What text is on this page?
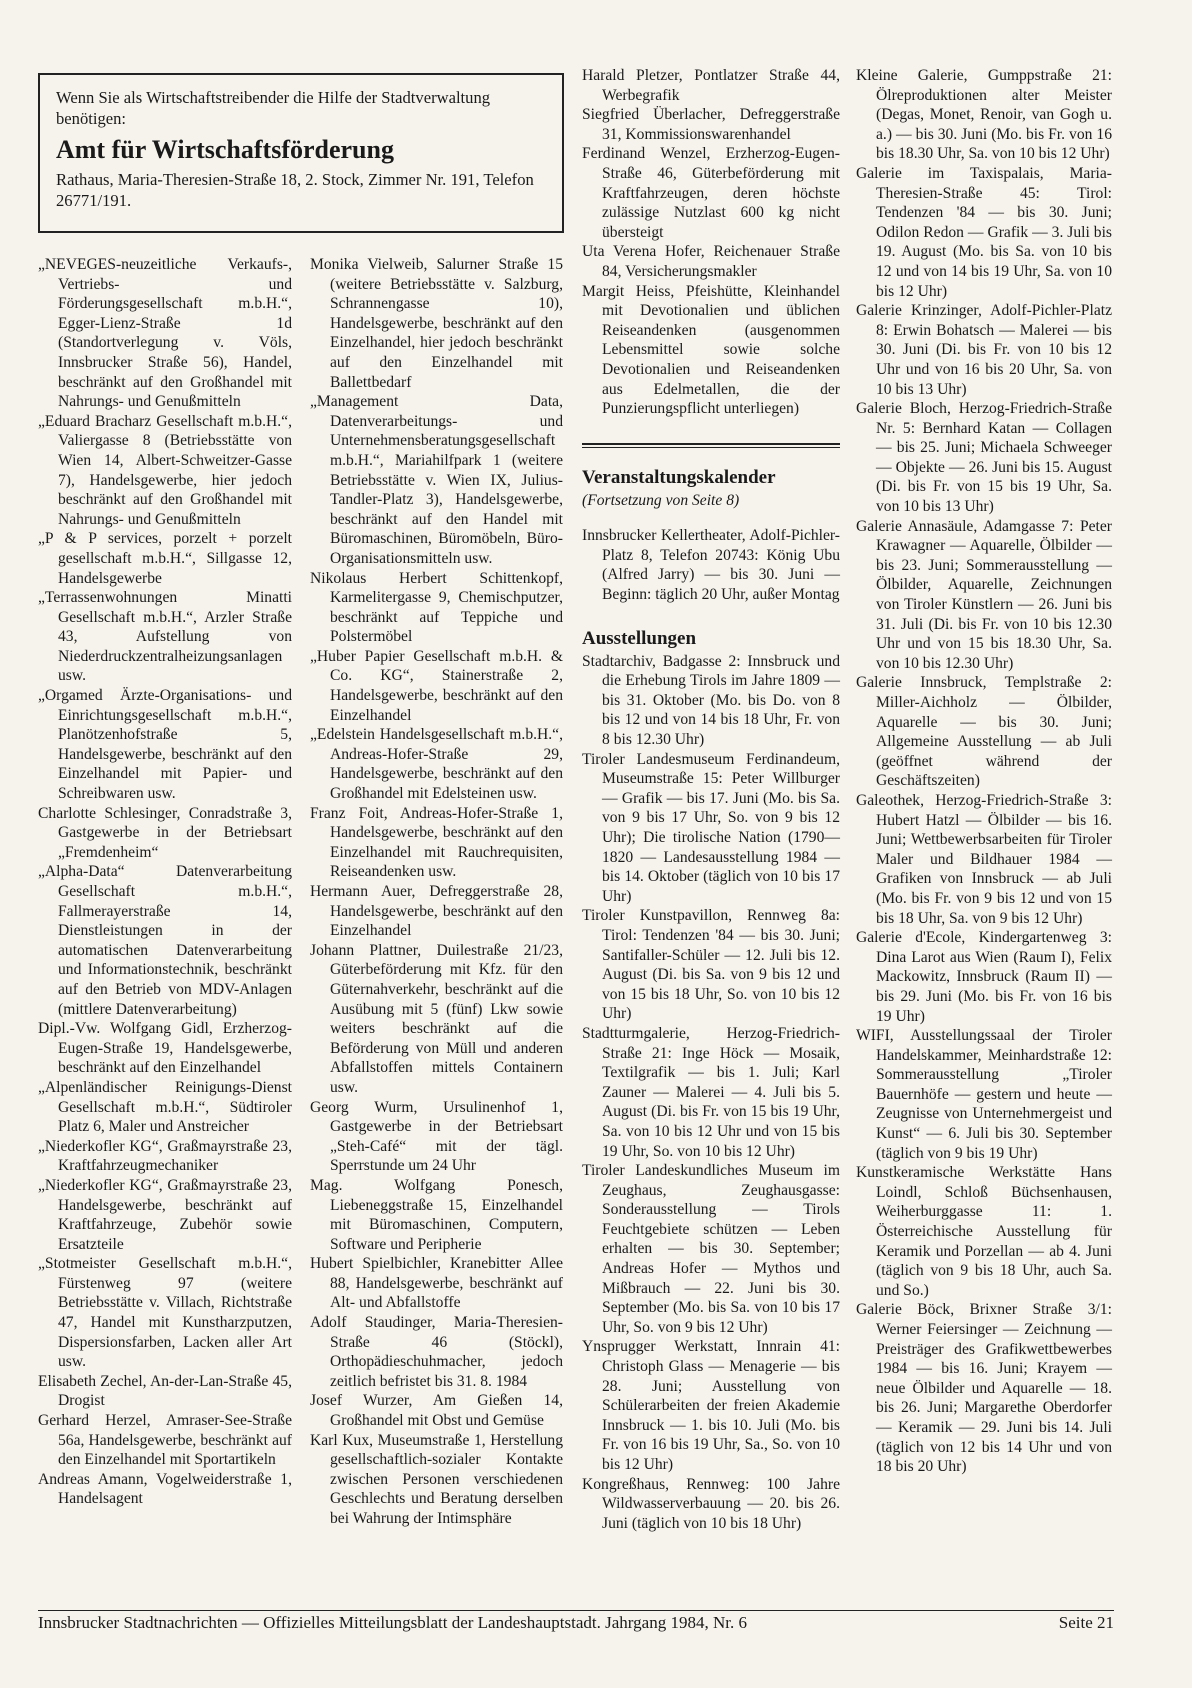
Wenn Sie als Wirtschaftstreibender die Hilfe der Stadtverwaltung benötigen:
Amt für Wirtschaftsförderung
Rathaus, Maria-Theresien-Straße 18, 2. Stock, Zimmer Nr. 191, Telefon 26771/191.
„NEVEGES-neuzeitliche Verkaufs-, Vertriebs- und Förderungsgesellschaft m.b.H.“, Egger-Lienz-Straße 1d (Standortverlegung v. Völs, Innsbrucker Straße 56), Handel, beschränkt auf den Großhandel mit Nahrungs- und Genußmitteln
„Eduard Bracharz Gesellschaft m.b.H.“, Valiergasse 8 (Betriebsstätte von Wien 14, Albert-Schweitzer-Gasse 7), Handelsgewerbe, hier jedoch beschränkt auf den Großhandel mit Nahrungs- und Genußmitteln
„P & P services, porzelt + porzelt gesellschaft m.b.H.“, Sillgasse 12, Handelsgewerbe
„Terrassenwohnungen Minatti Gesellschaft m.b.H.“, Arzler Straße 43, Aufstellung von Niederdruckzentralheizungsanlagen usw.
„Orgamed Ärzte-Organisations- und Einrichtungsgesellschaft m.b.H.“, Planötzenhofstraße 5, Handelsgewerbe, beschränkt auf den Einzelhandel mit Papier- und Schreibwaren usw.
Charlotte Schlesinger, Conradstraße 3, Gastgewerbe in der Betriebsart „Fremdenheim“
„Alpha-Data“ Datenverarbeitung Gesellschaft m.b.H.“, Fallmerayerstraße 14, Dienstleistungen in der automatischen Datenverarbeitung und Informationstechnik, beschränkt auf den Betrieb von MDV-Anlagen (mittlere Datenverarbeitung)
Dipl.-Vw. Wolfgang Gidl, Erzherzog-Eugen-Straße 19, Handelsgewerbe, beschränkt auf den Einzelhandel
„Alpenländischer Reinigungs-Dienst Gesellschaft m.b.H.“, Südtiroler Platz 6, Maler und Anstreicher
„Niederkofler KG“, Graßmayrstraße 23, Kraftfahrzeugmechaniker
„Niederkofler KG“, Graßmayrstraße 23, Handelsgewerbe, beschränkt auf Kraftfahrzeuge, Zubehör sowie Ersatzteile
„Stotmeister Gesellschaft m.b.H.“, Fürstenweg 97 (weitere Betriebsstätte v. Villach, Richtstraße 47, Handel mit Kunstharzputzen, Dispersionsfarben, Lacken aller Art usw.
Elisabeth Zechel, An-der-Lan-Straße 45, Drogist
Gerhard Herzel, Amraser-See-Straße 56a, Handelsgewerbe, beschränkt auf den Einzelhandel mit Sportartikeln
Andreas Amann, Vogelweiderstraße 1, Handelsagent
Monika Vielweib, Salurner Straße 15 (weitere Betriebsstätte v. Salzburg, Schrannengasse 10), Handelsgewerbe, beschränkt auf den Einzelhandel, hier jedoch beschränkt auf den Einzelhandel mit Ballettbedarf
„Management Data, Datenverarbeitungs- und Unternehmensberatungsgesellschaft m.b.H.“, Mariahilfpark 1 (weitere Betriebsstätte v. Wien IX, Julius-Tandler-Platz 3), Handelsgewerbe, beschränkt auf den Handel mit Büromaschinen, Büromöbeln, Büro-Organisationsmitteln usw.
Nikolaus Herbert Schittenkopf, Karmelitergasse 9, Chemischputzer, beschränkt auf Teppiche und Polstermöbel
„Huber Papier Gesellschaft m.b.H. & Co. KG“, Stainerstraße 2, Handelsgewerbe, beschränkt auf den Einzelhandel
„Edelstein Handelsgesellschaft m.b.H.“, Andreas-Hofer-Straße 29, Handelsgewerbe, beschränkt auf den Großhandel mit Edelsteinen usw.
Franz Foit, Andreas-Hofer-Straße 1, Handelsgewerbe, beschränkt auf den Einzelhandel mit Rauchrequisiten, Reiseandenken usw.
Hermann Auer, Defreggerstraße 28, Handelsgewerbe, beschränkt auf den Einzelhandel
Johann Plattner, Duilestraße 21/23, Güterbeförderung mit Kfz. für den Güternahverkehr, beschränkt auf die Ausübung mit 5 (fünf) Lkw sowie weiters beschränkt auf die Beförderung von Müll und anderen Abfallstoffen mittels Containern usw.
Georg Wurm, Ursulinenhof 1, Gastgewerbe in der Betriebsart „Steh-Café“ mit der tägl. Sperrstunde um 24 Uhr
Mag. Wolfgang Ponesch, Liebeneggstraße 15, Einzelhandel mit Büromaschinen, Computern, Software und Peripherie
Hubert Spielbichler, Kranebitter Allee 88, Handelsgewerbe, beschränkt auf Alt- und Abfallstoffe
Adolf Staudinger, Maria-Theresien-Straße 46 (Stöckl), Orthopädieschuhmacher, jedoch zeitlich befristet bis 31. 8. 1984
Josef Wurzer, Am Gießen 14, Großhandel mit Obst und Gemüse
Karl Kux, Museumstraße 1, Herstellung gesellschaftlich-sozialer Kontakte zwischen Personen verschiedenen Geschlechts und Beratung derselben bei Wahrung der Intimsphäre
Harald Pletzer, Pontlatzer Straße 44, Werbegrafik
Siegfried Überlacher, Defreggerstraße 31, Kommissionswarenhandel
Ferdinand Wenzel, Erzherzog-Eugen-Straße 46, Güterbeförderung mit Kraftfahrzeugen, deren höchste zulässige Nutzlast 600 kg nicht übersteigt
Uta Verena Hofer, Reichenauer Straße 84, Versicherungsmakler
Margit Heiss, Pfeishütte, Kleinhandel mit Devotionalien und üblichen Reiseandenken (ausgenommen Lebensmittel sowie solche Devotionalien und Reiseandenken aus Edelmetallen, die der Punzierungspflicht unterliegen)
Veranstaltungskalender
(Fortsetzung von Seite 8)
Innsbrucker Kellertheater, Adolf-Pichler-Platz 8, Telefon 20743: König Ubu (Alfred Jarry) — bis 30. Juni — Beginn: täglich 20 Uhr, außer Montag
Ausstellungen
Stadtarchiv, Badgasse 2: Innsbruck und die Erhebung Tirols im Jahre 1809 — bis 31. Oktober (Mo. bis Do. von 8 bis 12 und von 14 bis 18 Uhr, Fr. von 8 bis 12.30 Uhr)
Tiroler Landesmuseum Ferdinandeum, Museumstraße 15: Peter Willburger — Grafik — bis 17. Juni (Mo. bis Sa. von 9 bis 17 Uhr, So. von 9 bis 12 Uhr); Die tirolische Nation (1790—1820 — Landesausstellung 1984 — bis 14. Oktober (täglich von 10 bis 17 Uhr)
Tiroler Kunstpavillon, Rennweg 8a: Tirol: Tendenzen '84 — bis 30. Juni; Santifaller-Schüler — 12. Juli bis 12. August (Di. bis Sa. von 9 bis 12 und von 15 bis 18 Uhr, So. von 10 bis 12 Uhr)
Stadtturmgalerie, Herzog-Friedrich-Straße 21: Inge Höck — Mosaik, Textilgrafik — bis 1. Juli; Karl Zauner — Malerei — 4. Juli bis 5. August (Di. bis Fr. von 15 bis 19 Uhr, Sa. von 10 bis 12 Uhr und von 15 bis 19 Uhr, So. von 10 bis 12 Uhr)
Tiroler Landeskundliches Museum im Zeughaus, Zeughausgasse: Sonderausstellung — Tirols Feuchtgebiete schützen — Leben erhalten — bis 30. September; Andreas Hofer — Mythos und Mißbrauch — 22. Juni bis 30. September (Mo. bis Sa. von 10 bis 17 Uhr, So. von 9 bis 12 Uhr)
Ynsprugger Werkstatt, Innrain 41: Christoph Glass — Menagerie — bis 28. Juni; Ausstellung von Schülerarbeiten der freien Akademie Innsbruck — 1. bis 10. Juli (Mo. bis Fr. von 16 bis 19 Uhr, Sa., So. von 10 bis 12 Uhr)
Kongreßhaus, Rennweg: 100 Jahre Wildwasserverbauung — 20. bis 26. Juni (täglich von 10 bis 18 Uhr)
Kleine Galerie, Gumppstraße 21: Ölreproduktionen alter Meister (Degas, Monet, Renoir, van Gogh u. a.) — bis 30. Juni (Mo. bis Fr. von 16 bis 18.30 Uhr, Sa. von 10 bis 12 Uhr)
Galerie im Taxispalais, Maria-Theresien-Straße 45: Tirol: Tendenzen '84 — bis 30. Juni; Odilon Redon — Grafik — 3. Juli bis 19. August (Mo. bis Sa. von 10 bis 12 und von 14 bis 19 Uhr, Sa. von 10 bis 12 Uhr)
Galerie Krinzinger, Adolf-Pichler-Platz 8: Erwin Bohatsch — Malerei — bis 30. Juni (Di. bis Fr. von 10 bis 12 Uhr und von 16 bis 20 Uhr, Sa. von 10 bis 13 Uhr)
Galerie Bloch, Herzog-Friedrich-Straße Nr. 5: Bernhard Katan — Collagen — bis 25. Juni; Michaela Schweeger — Objekte — 26. Juni bis 15. August (Di. bis Fr. von 15 bis 19 Uhr, Sa. von 10 bis 13 Uhr)
Galerie Annasäule, Adamgasse 7: Peter Krawagner — Aquarelle, Ölbilder — bis 23. Juni; Sommerausstellung — Ölbilder, Aquarelle, Zeichnungen von Tiroler Künstlern — 26. Juni bis 31. Juli (Di. bis Fr. von 10 bis 12.30 Uhr und von 15 bis 18.30 Uhr, Sa. von 10 bis 12.30 Uhr)
Galerie Innsbruck, Templstraße 2: Miller-Aichholz — Ölbilder, Aquarelle — bis 30. Juni; Allgemeine Ausstellung — ab Juli (geöffnet während der Geschäftszeiten)
Galeothek, Herzog-Friedrich-Straße 3: Hubert Hatzl — Ölbilder — bis 16. Juni; Wettbewerbsarbeiten für Tiroler Maler und Bildhauer 1984 — Grafiken von Innsbruck — ab Juli (Mo. bis Fr. von 9 bis 12 und von 15 bis 18 Uhr, Sa. von 9 bis 12 Uhr)
Galerie d'Ecole, Kindergartenweg 3: Dina Larot aus Wien (Raum I), Felix Mackowitz, Innsbruck (Raum II) — bis 29. Juni (Mo. bis Fr. von 16 bis 19 Uhr)
WIFI, Ausstellungssaal der Tiroler Handelskammer, Meinhardstraße 12: Sommerausstellung „Tiroler Bauernhöfe — gestern und heute — Zeugnisse von Unternehmergeist und Kunst“ — 6. Juli bis 30. September (täglich von 9 bis 19 Uhr)
Kunstkeramische Werkstätte Hans Loindl, Schloß Büchsenhausen, Weiherburggasse 11: 1. Österreichische Ausstellung für Keramik und Porzellan — ab 4. Juni (täglich von 9 bis 18 Uhr, auch Sa. und So.)
Galerie Böck, Brixner Straße 3/1: Werner Feiersinger — Zeichnung — Preisträger des Grafikwettbewerbes 1984 — bis 16. Juni; Krayem — neue Ölbilder und Aquarelle — 18. bis 26. Juni; Margarethe Oberdorfer — Keramik — 29. Juni bis 14. Juli (täglich von 12 bis 14 Uhr und von 18 bis 20 Uhr)
Innsbrucker Stadtnachrichten — Offizielles Mitteilungsblatt der Landeshauptstadt. Jahrgang 1984, Nr. 6	Seite 21
